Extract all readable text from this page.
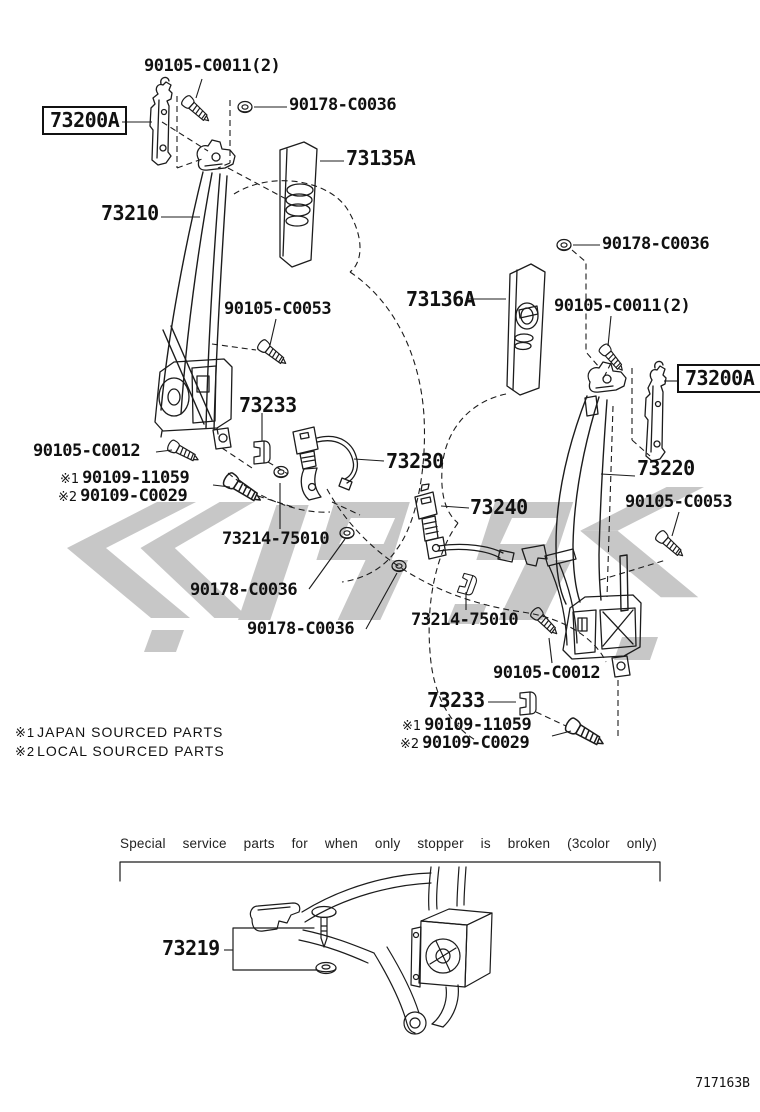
90105-C0011(2)
73200A
90178-C0036
73135A
73210
90105-C0053
73233
90105-C0012
※1 90109-11059
※2 90109-C0029
73230
73240
73214-75010
90178-C0036
90178-C0036	73214-75010
90178-C0036
73136A	90105-C0011(2)
73200A
73220
90105-C0053
90105-C0012
73233
※1 90109-11059
※2 90109-C0029
73219
※1 JAPAN SOURCED PARTS
※2 LOCAL SOURCED PARTS
Special service parts for when only stopper is broken (3color only)
717163B
